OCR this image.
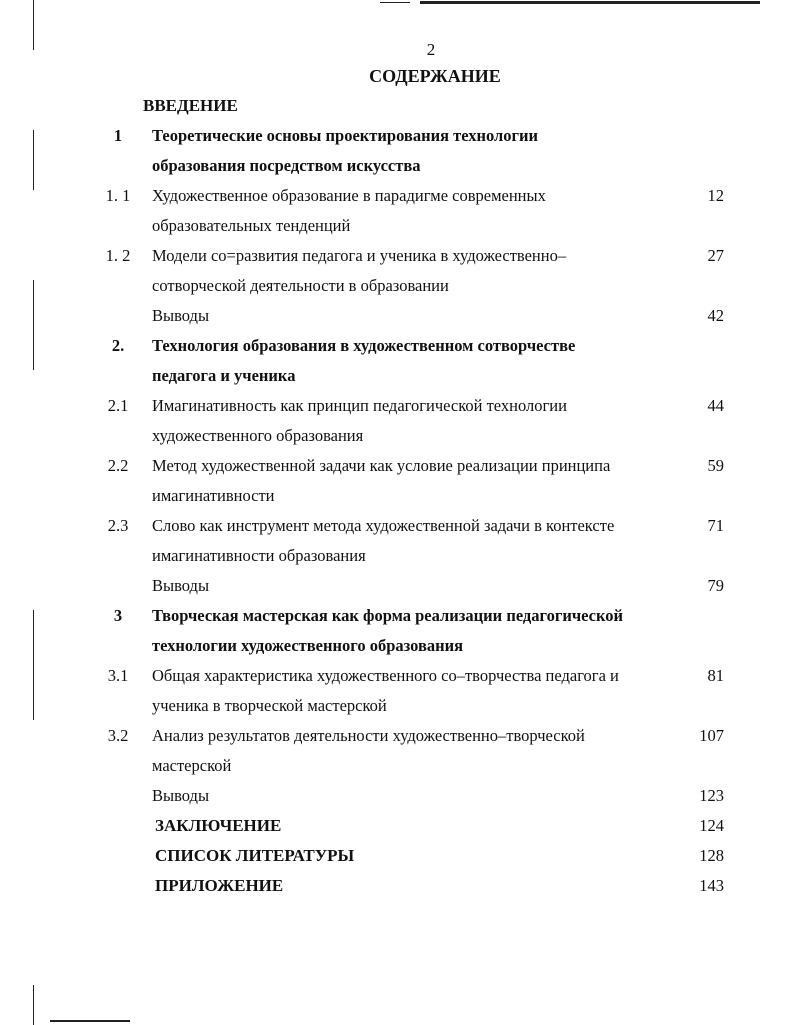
2
СОДЕРЖАНИЕ
ВВЕДЕНИЕ
1	Теоретические основы проектирования технологии
образования посредством искусства
1. 1	Художественное образование в парадигме современных	12
образовательных тенденций
1. 2	Модели со=развития педагога и ученика в художественно–	27
сотворческой деятельности в образовании
Выводы	42
2.	Технология образования в художественном сотворчестве
педагога и ученика
2.1	Имагинативность как принцип педагогической технологии	44
художественного образования
2.2	Метод художественной задачи как условие реализации принципа	59
имагинативности
2.3	Слово как инструмент метода художественной задачи в контексте	71
имагинативности образования
Выводы	79
3	Творческая мастерская как форма реализации педагогической
технологии художественного образования
3.1	Общая характеристика художественного со–творчества педагога и	81
ученика в творческой мастерской
3.2	Анализ результатов деятельности художественно–творческой	107
мастерской
Выводы	123
ЗАКЛЮЧЕНИЕ	124
СПИСОК ЛИТЕРАТУРЫ	128
ПРИЛОЖЕНИЕ	143
